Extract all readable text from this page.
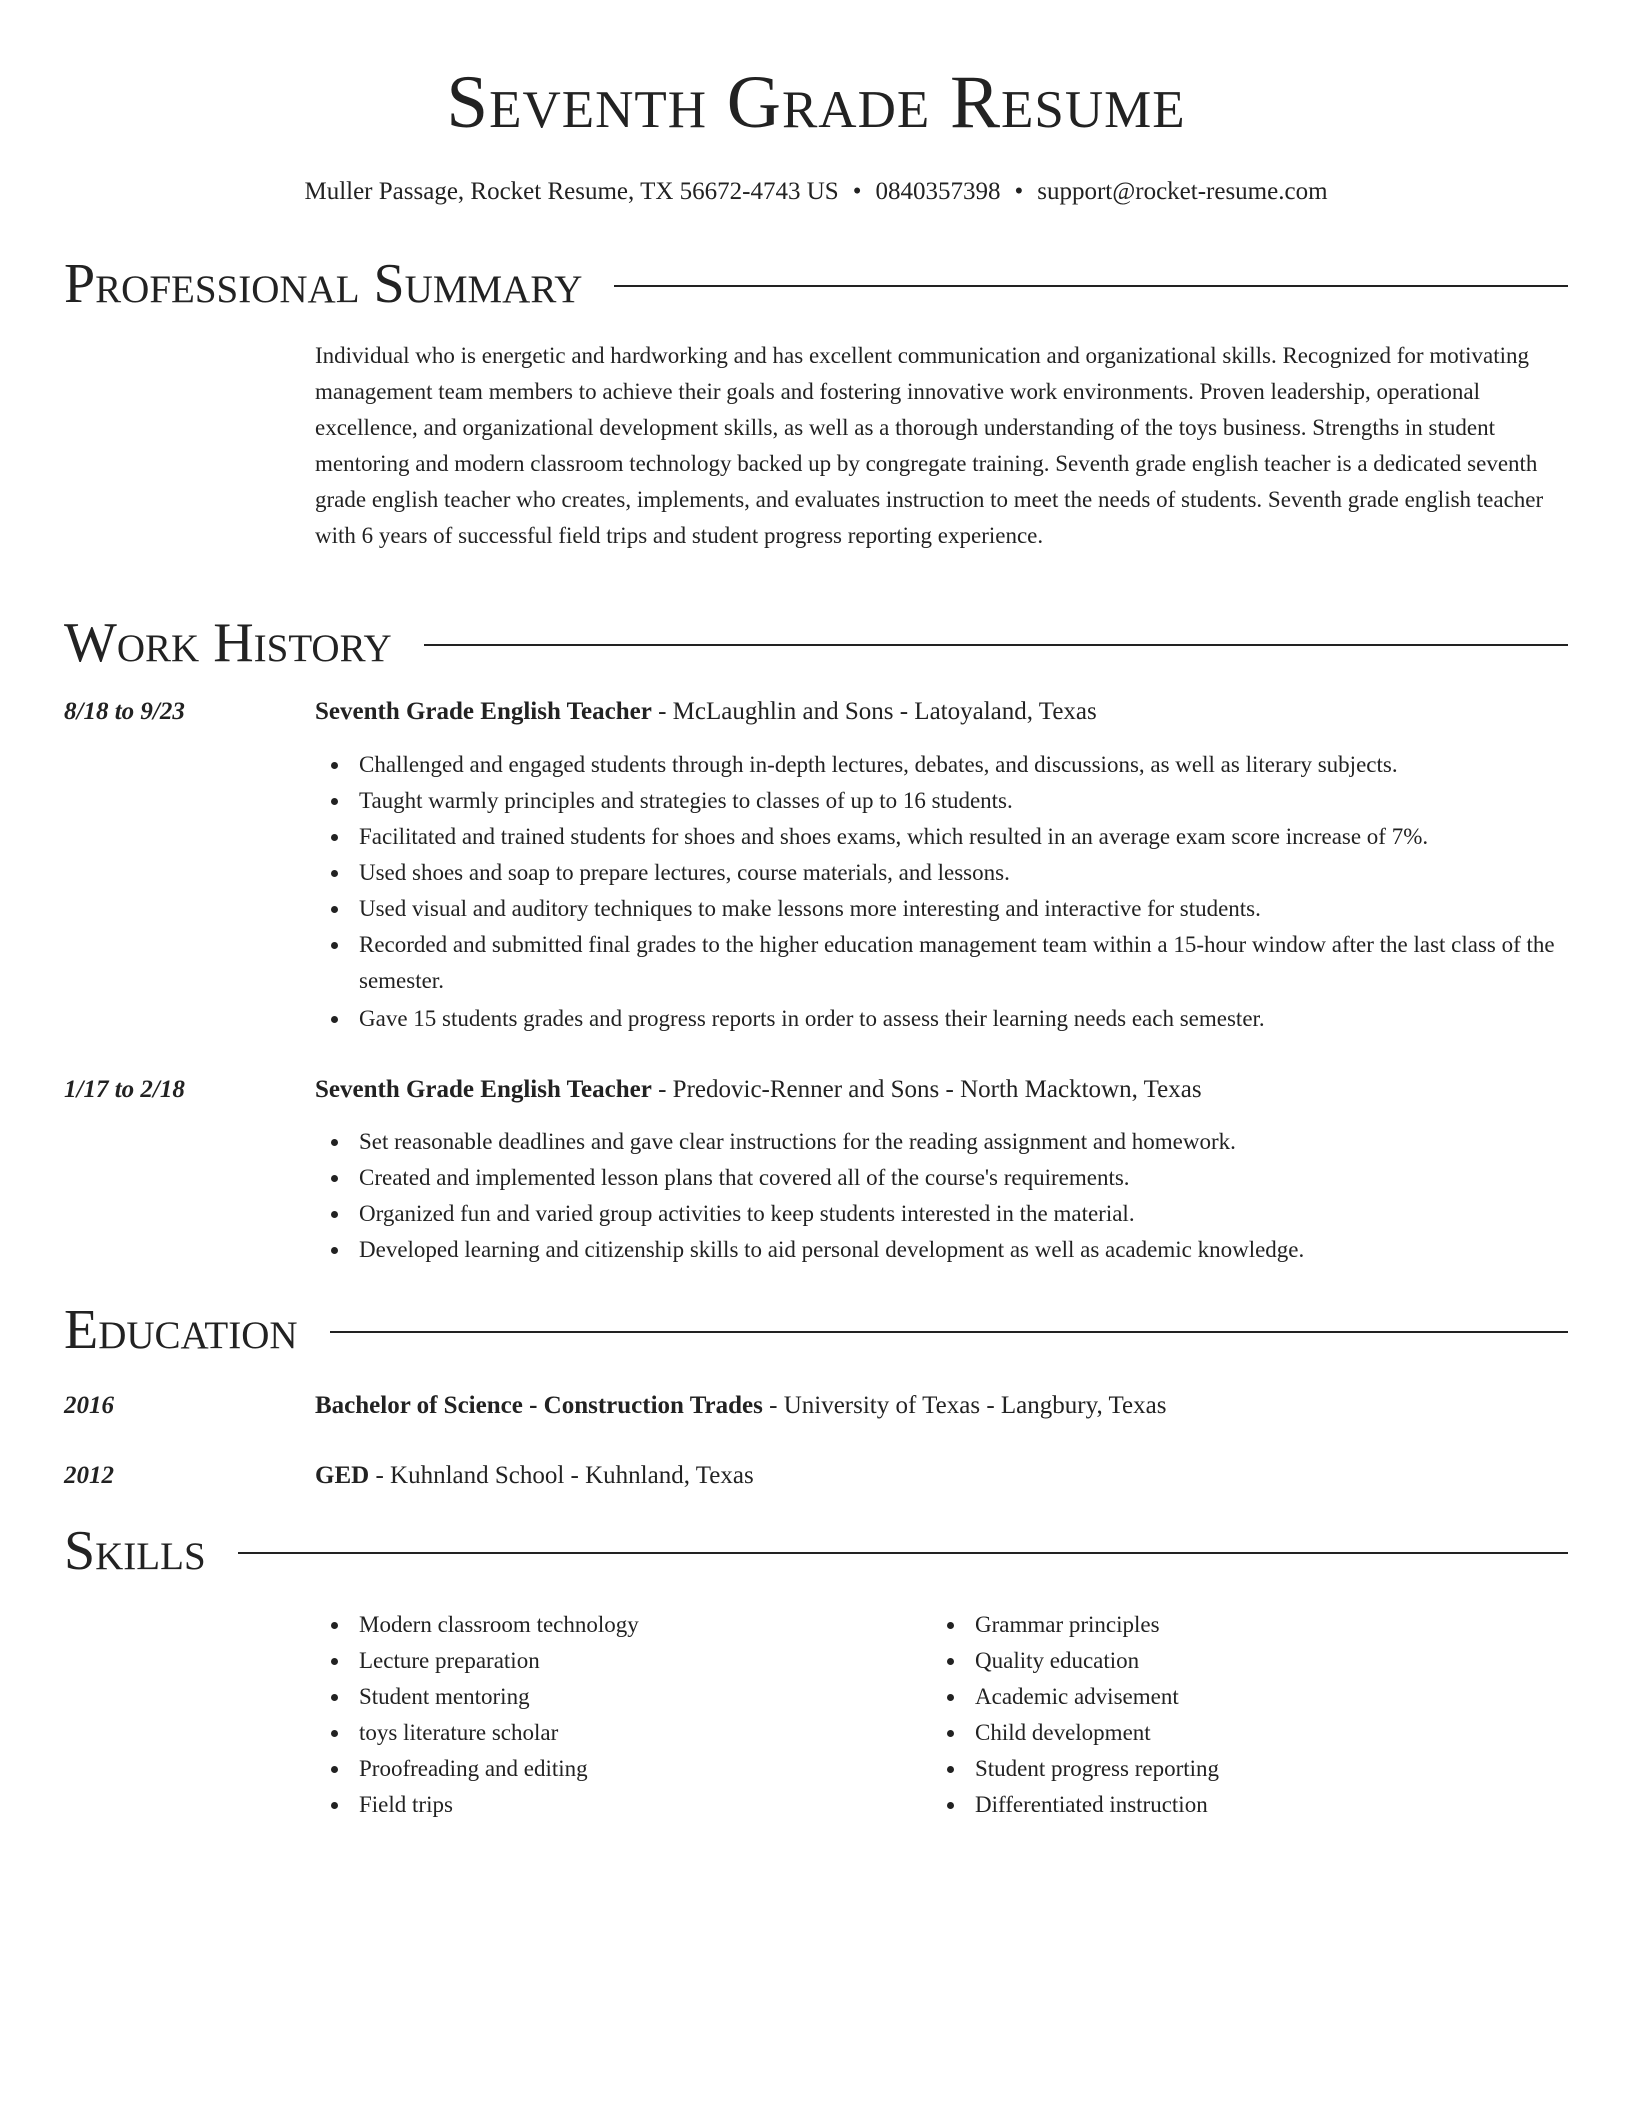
Seventh Grade Resume
Muller Passage, Rocket Resume, TX 56672-4743 US • 0840357398 • support@rocket-resume.com
Professional Summary

Individual who is energetic and hardworking and has excellent communication and organizational skills. Recognized for motivating management team members to achieve their goals and fostering innovative work environments. Proven leadership, operational excellence, and organizational development skills, as well as a thorough understanding of the toys business. Strengths in student mentoring and modern classroom technology backed up by congregate training. Seventh grade english teacher is a dedicated seventh grade english teacher who creates, implements, and evaluates instruction to meet the needs of students. Seventh grade english teacher with 6 years of successful field trips and student progress reporting experience.

Work History
8/18 to 9/23	Seventh Grade English Teacher - McLaughlin and Sons - Latoyaland, Texas
Challenged and engaged students through in-depth lectures, debates, and discussions, as well as literary subjects.
Taught warmly principles and strategies to classes of up to 16 students.
Facilitated and trained students for shoes and shoes exams, which resulted in an average exam score increase of 7%.
Used shoes and soap to prepare lectures, course materials, and lessons.
Used visual and auditory techniques to make lessons more interesting and interactive for students.
Recorded and submitted final grades to the higher education management team within a 15-hour window after the last class of the semester.
Gave 15 students grades and progress reports in order to assess their learning needs each semester.
1/17 to 2/18	Seventh Grade English Teacher - Predovic-Renner and Sons - North Macktown, Texas
Set reasonable deadlines and gave clear instructions for the reading assignment and homework.
Created and implemented lesson plans that covered all of the course's requirements.
Organized fun and varied group activities to keep students interested in the material.
Developed learning and citizenship skills to aid personal development as well as academic knowledge.
Education
2016	Bachelor of Science - Construction Trades - University of Texas - Langbury, Texas
2012	GED - Kuhnland School - Kuhnland, Texas
Skills
Modern classroom technology
Lecture preparation
Student mentoring
toys literature scholar
Proofreading and editing
Field trips
Grammar principles
Quality education
Academic advisement
Child development
Student progress reporting
Differentiated instruction
